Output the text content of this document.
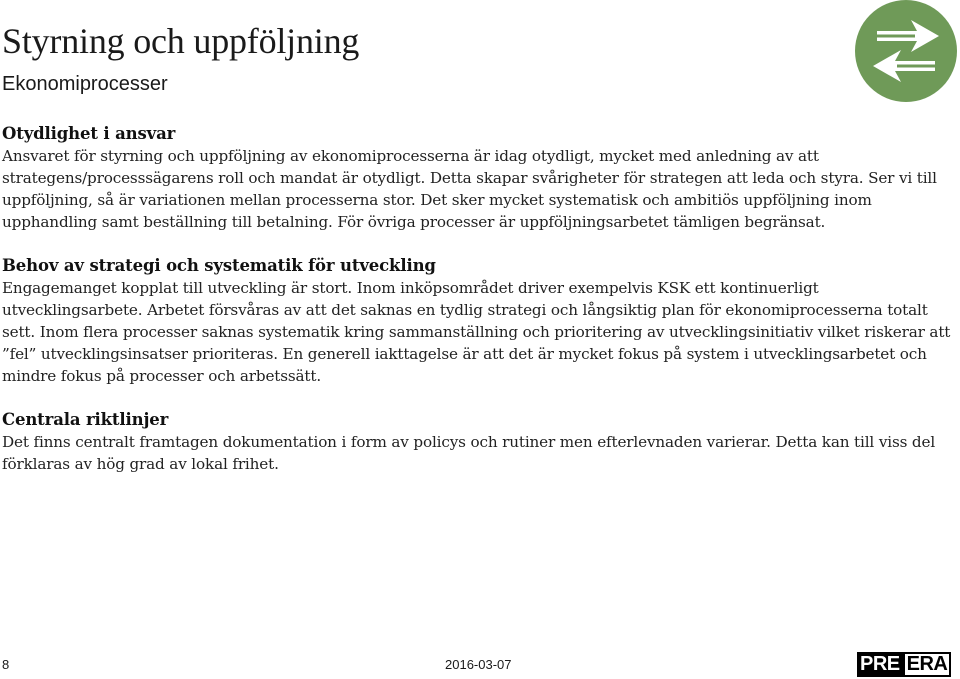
Styrning och uppföljning
Ekonomiprocesser
Otydlighet i ansvar

Ansvaret för styrning och uppföljning av ekonomiprocesserna är idag otydligt, mycket med anledning av att strategens/processsägarens roll och mandat är otydligt. Detta skapar svårigheter för strategen att leda och styra. Ser vi till uppföljning, så är variationen mellan processerna stor. Det sker mycket systematisk och ambitiös uppföljning inom upphandling samt beställning till betalning. För övriga processer är uppföljningsarbetet tämligen begränsat.

Behov av strategi och systematik för utveckling

Engagemanget kopplat till utveckling är stort. Inom inköpsområdet driver exempelvis KSK ett kontinuerligt utvecklingsarbete. Arbetet försvåras av att det saknas en tydlig strategi och långsiktig plan för ekonomiprocesserna totalt sett. Inom flera processer saknas systematik kring sammanställning och prioritering av utvecklingsinitiativ vilket riskerar att ”fel” utvecklingsinsatser prioriteras. En generell iakttagelse är att det är mycket fokus på system i utvecklingsarbetet och mindre fokus på processer och arbetssätt.

Centrala riktlinjer

Det finns centralt framtagen dokumentation i form av policys och rutiner men efterlevnaden varierar. Detta kan till viss del förklaras av hög grad av lokal frihet.

8	2016-03-07	PRE ERA
